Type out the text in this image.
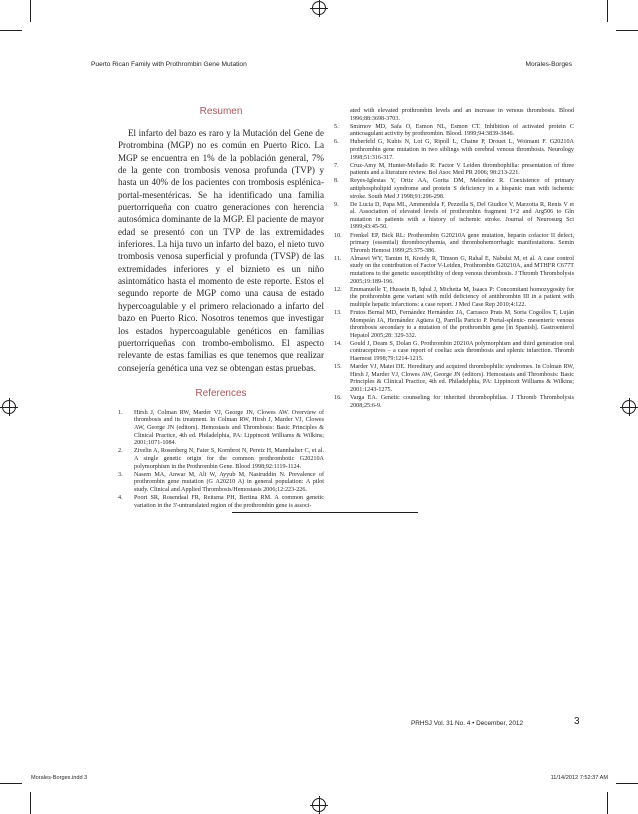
Puerto Rican Family with Prothrombin Gene Mutation	Morales-Borges
Resumen

El infarto del bazo es raro y la Mutación del Gene de Protrombina (MGP) no es común en Puerto Rico. La MGP se encuentra en 1% de la población general, 7% de la gente con trombosis venosa profunda (TVP) y hasta un 40% de los pacientes con trombosis esplénica-portal-mesentéricas. Se ha identificado una familia puertorriqueña con cuatro generaciones con herencia autosómica dominante de la MGP. El paciente de mayor edad se presentó con un TVP de las extremidades inferiores. La hija tuvo un infarto del bazo, el nieto tuvo trombosis venosa superficial y profunda (TVSP) de las extremidades inferiores y el biznieto es un niño asintomático hasta el momento de este reporte. Estos el segundo reporte de MGP como una causa de estado hypercoagulable y el primero relacionado a infarto del bazo en Puerto Rico. Nosotros tenemos que investigar los estados hypercoagulable genéticos en familias puertorriqueñas con trombo-embolismo. El aspecto relevante de estas familias es que tenemos que realizar consejería genética una vez se obtengan estas pruebas.

References
1.	Hirsh J, Colman RW, Marder VJ, George JN, Clowes AW. Overview of thrombosis and its treatment. In Colman RW, Hirsh J, Marder VJ, Clowes AW, George JN (editors). Hemostasis and Thrombosis: Basic Principles & Clinical Practice, 4th ed. Philadelphia, PA: Lippincott Williams & Wilkins; 2001;1071-1084.
2.	Zivelin A, Rosenberg N, Faier S, Kornbrot N, Peretz H, Mannhalter C, et al. A single genetic origin for the common prothrombotic G20210A polymorphism in the Prothrombin Gene. Blood 1998;92:1119-1124.
3.	Nasem MA, Anwar M, Ali W, Ayyub M, Nasiruddin N. Prevalence of prothrombin gene mutation (G A20210 A) in general population: A pilot study. Clinical and Applied Thrombosis/Hemostasis 2006;12:223-226.
4.	Poort SR, Rosendaal FR, Reitsma PH, Bertina RM. A common genetic variation in the 3'-untranslated region of the prothrombin gene is associ-
ated with elevated prothrombin levels and an increase in venous thrombosis. Blood 1996;88:3698-3703.
5.	Smirnov MD, Safa O, Esmon NL, Esmon CT. Inhibition of activated protein C anticoagulant activity by prothrombin. Blood. 1999;94:3839-3846.
6.	Huberfeld G, Kubis N, Lot G, Ripoll L, Chaine P, Drouet L, Woimant F. G20210A prothrombin gene mutation in two siblings with cerebral venous thrombosis. Neurology 1998;51:316-317.
7.	Cruz-Amy M, Hunter-Mellado R: Factor V Leiden thrombophilia: presentation of three patients and a literature review. Bol Asoc Med PR 2006; 98:213-221.
8.	Reyes-Iglesias Y, Ortiz AA, Gorita DM, Melendez R. Coexistence of primary antiphospholipid syndrome and protein S deficiency in a hispanic man with ischemic stroke. South Med J 1998;91:296-298.
9.	De Lucia D, Papa ML, Ammendola F, Pezzella S, Del Giudice V, Marzotta R, Renis V et al. Association of elevated levels of prothrombin fragment 1+2 and Arg506 to Gln mutation in patients with a history of ischemic stroke. Journal of Neurosurg Sci 1999;43:45-50.
10.	Frenkel EP, Bick RL: Prothrombin G20210A gene mutation, heparin cofactor II defect, primary (essential) thrombocythemia, and thrombohemorrhagic manifestations. Semin Thromb Hemost 1999;25:375-386.
11.	Almawi WY, Tamim H, Kreidy R, Timson G, Rahal E, Nabulsi M, et al. A case control study on the contribution of Factor V-Leiden, Prothrombin G20210A, and MTHFR C677T mutations to the genetic susceptibility of deep venous thrombosis. J Thromb Thrombolysis 2005;19:189-196.
12.	Emmanuelle T, Hussein B, Iqbal J, Michetta M, Isaacs P: Concomitant homozygosity for the prothrombin gene variant with mild deficiency of antithrombin III in a patient with multiple hepatic infarctions: a case report. J Med Case Rep 2010;4:122.
13.	Frutos Bernal MD, Fernández Hernández JA, Carrasco Prats M, Soria Cogollos T, Luján Mompeán JA, Hernández Agüera Q, Parrilla Paricio P. Portal-splenic- mesenteric venous thrombosis secondary to a mutation of the prothrombin gene [in Spanish]. Gastroenterol Hepatol 2005;28: 329-332.
14.	Gould J, Deam S, Dolan G. Prothrombin 20210A polymorphism and third generation oral contraceptives – a case report of coeliac axis thrombosis and splenic infarction. Thromb Haemost 1998;79:1214-1215.
15.	Marder VJ, Matei DE. Hereditary and acquired thrombophilic syndromes. In Colman RW, Hirsh J, Marder VJ, Clowes AW, George JN (editors). Hemostasis and Thrombosis: Basic Principles & Clinical Practice, 4th ed. Philadelphia, PA: Lippincott Williams & Wilkins; 2001:1243-1275.
16.	Varga EA. Genetic counseling for inherited thrombophilias. J Thromb Thrombolysis 2008;25:6-9.
PRHSJ Vol. 31 No. 4 • December, 2012	3
Morales-Borges.indd 3	11/14/2012 7:52:37 AM
